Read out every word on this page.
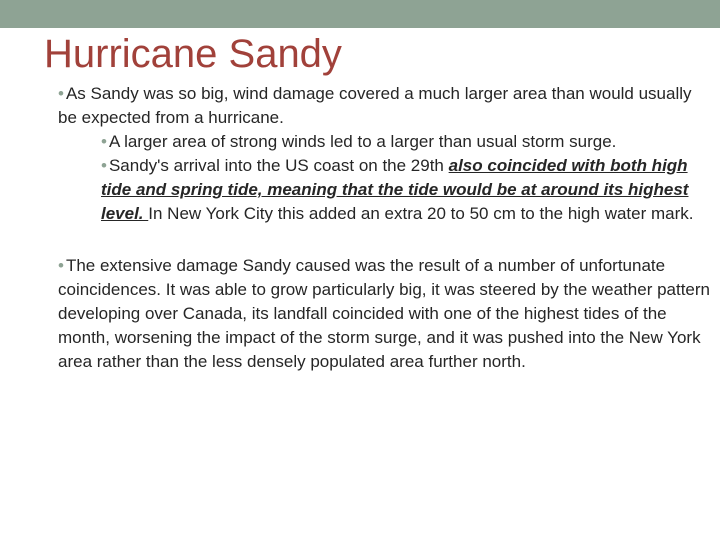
Hurricane Sandy
• As Sandy was so big, wind damage covered a much larger area than would usually be expected from a hurricane.
• A larger area of strong winds led to a larger than usual storm surge.
• Sandy's arrival into the US coast on the 29th also coincided with both high tide and spring tide, meaning that the tide would be at around its highest level. In New York City this added an extra 20 to 50 cm to the high water mark.
• The extensive damage Sandy caused was the result of a number of unfortunate coincidences. It was able to grow particularly big, it was steered by the weather pattern developing over Canada, its landfall coincided with one of the highest tides of the month, worsening the impact of the storm surge, and it was pushed into the New York area rather than the less densely populated area further north.
